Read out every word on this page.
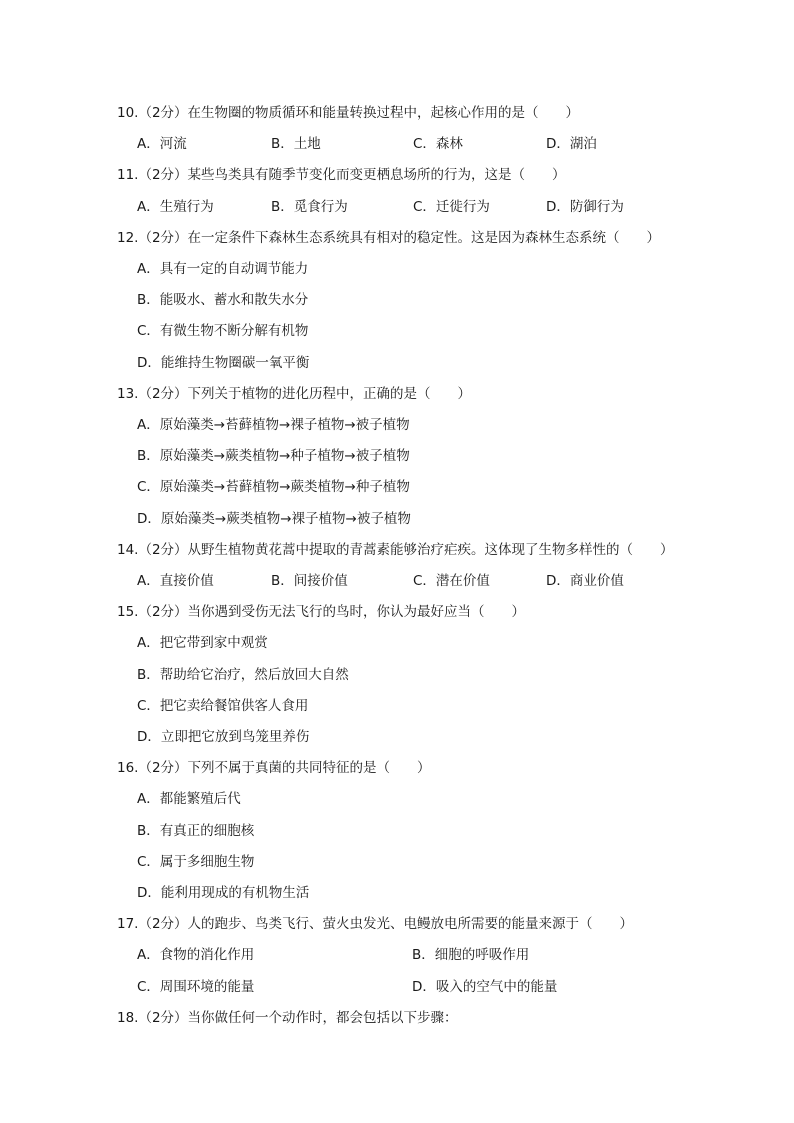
10.（2分）在生物圈的物质循环和能量转换过程中，起核心作用的是（　　）
A．河流	B．土地	C．森林	D．湖泊
11.（2分）某些鸟类具有随季节变化而变更栖息场所的行为，这是（　　）
A．生殖行为	B．觅食行为	C．迁徙行为	D．防御行为
12.（2分）在一定条件下森林生态系统具有相对的稳定性。这是因为森林生态系统（　　）
A．具有一定的自动调节能力
B．能吸水、蓄水和散失水分
C．有微生物不断分解有机物
D．能维持生物圈碳一氧平衡
13.（2分）下列关于植物的进化历程中，正确的是（　　）
A．原始藻类→苔藓植物→裸子植物→被子植物
B．原始藻类→蕨类植物→种子植物→被子植物
C．原始藻类→苔藓植物→蕨类植物→种子植物
D．原始藻类→蕨类植物→裸子植物→被子植物
14.（2分）从野生植物黄花蒿中提取的青蒿素能够治疗疟疾。这体现了生物多样性的（　　）
A．直接价值	B．间接价值	C．潜在价值	D．商业价值
15.（2分）当你遇到受伤无法飞行的鸟时，你认为最好应当（　　）
A．把它带到家中观赏
B．帮助给它治疗，然后放回大自然
C．把它卖给餐馆供客人食用
D．立即把它放到鸟笼里养伤
16.（2分）下列不属于真菌的共同特征的是（　　）
A．都能繁殖后代
B．有真正的细胞核
C．属于多细胞生物
D．能利用现成的有机物生活
17.（2分）人的跑步、鸟类飞行、萤火虫发光、电鳗放电所需要的能量来源于（　　）
A．食物的消化作用	B．细胞的呼吸作用
C．周围环境的能量	D．吸入的空气中的能量
18.（2分）当你做任何一个动作时，都会包括以下步骤：
